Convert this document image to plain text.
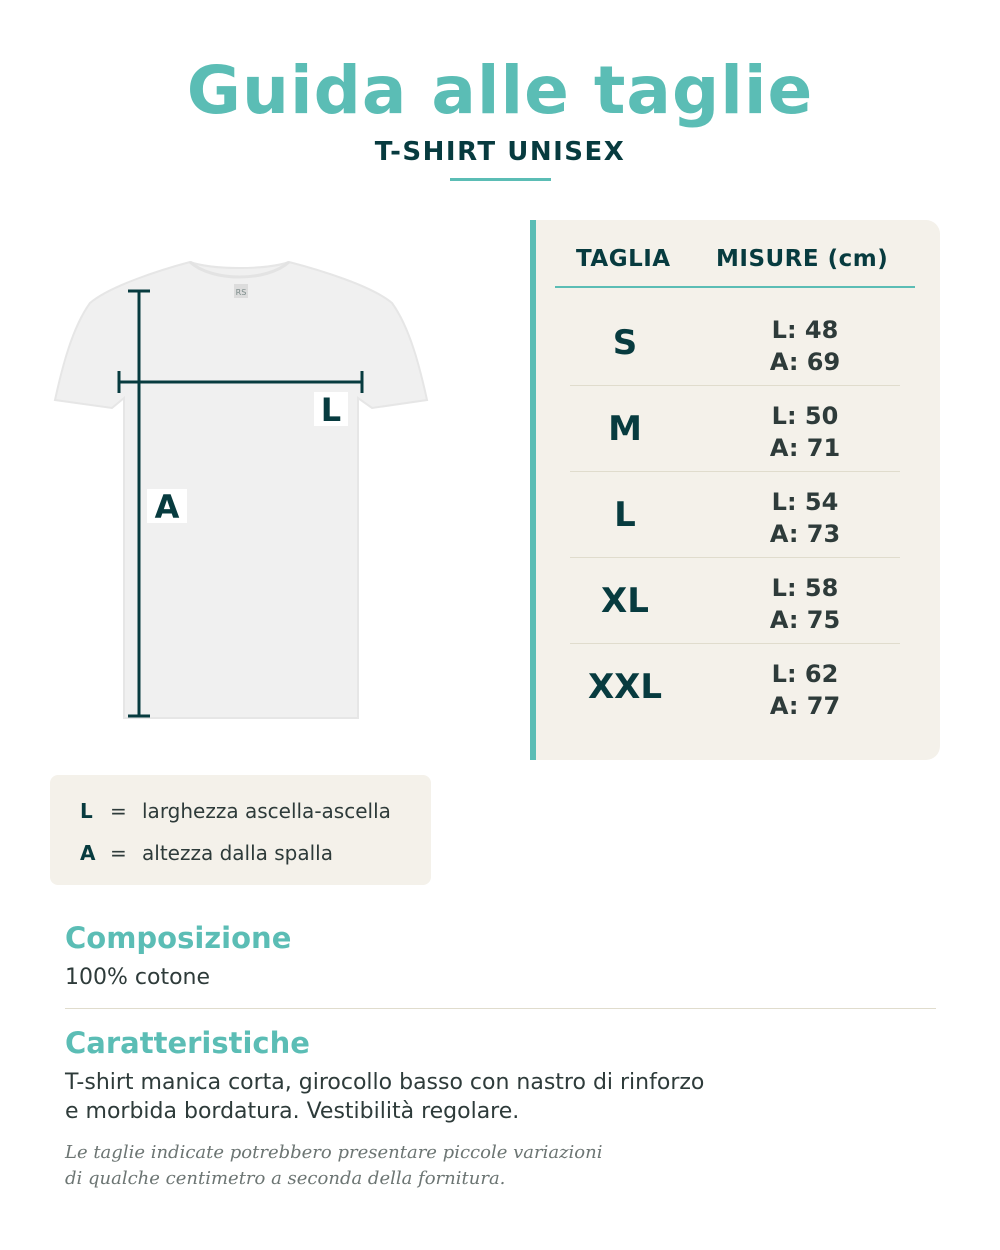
Guida alle taglie
T-SHIRT UNISEX
RS
L
A
TAGLIA MISURE (cm)
S	L: 48
A: 69
M	L: 50
A: 71
L	L: 54
A: 73
XL	L: 58
A: 75
XXL	L: 62
A: 77
L = larghezza ascella-ascella
A = altezza dalla spalla
Composizione
100% cotone
Caratteristiche
T-shirt manica corta, girocollo basso con nastro di rinforzo
e morbida bordatura. Vestibilità regolare.
Le taglie indicate potrebbero presentare piccole variazioni
di qualche centimetro a seconda della fornitura.
